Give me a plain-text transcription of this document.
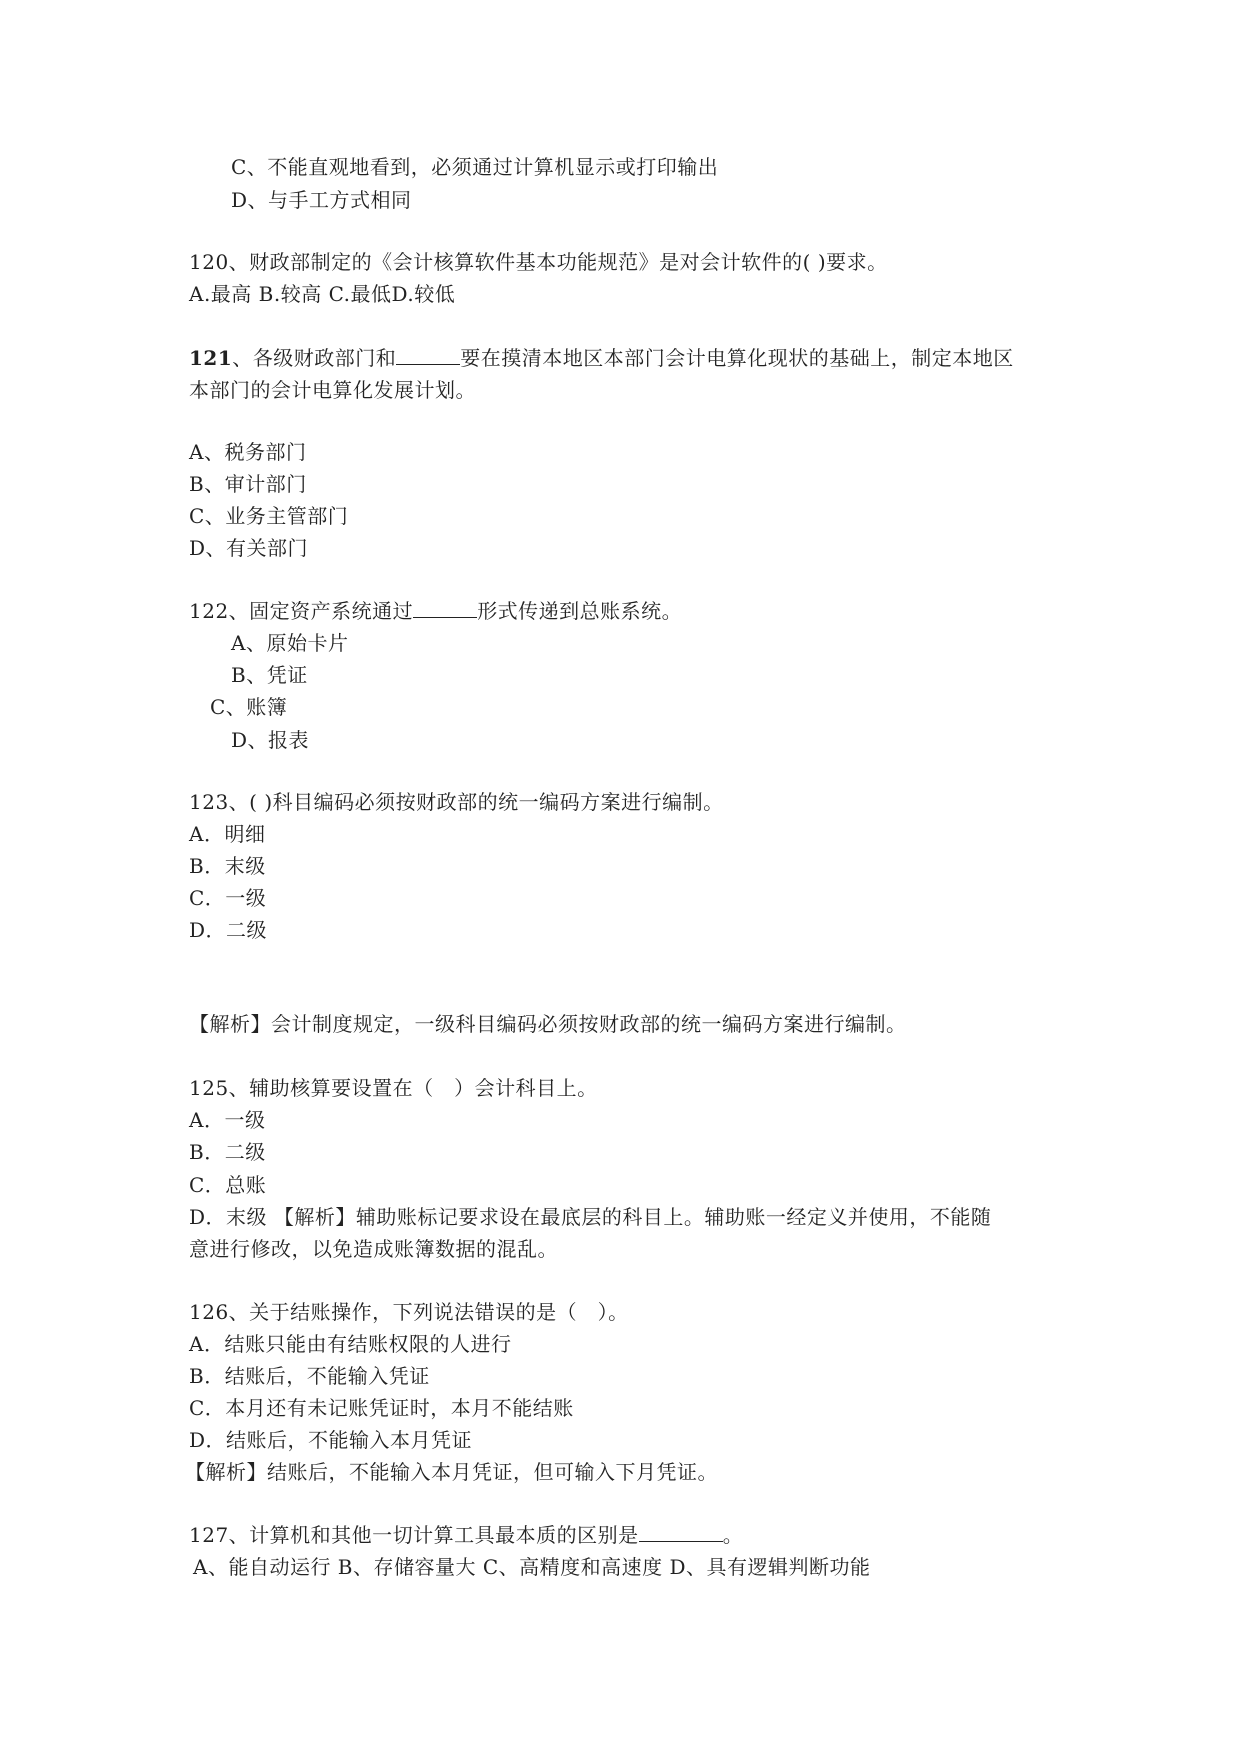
C、不能直观地看到，必须通过计算机显示或打印输出
D、与手工方式相同
120、财政部制定的《会计核算软件基本功能规范》是对会计软件的( )要求。
A.最高 B.较高 C.最低D.较低
121、各级财政部门和	要在摸清本地区本部门会计电算化现状的基础上，制定本地区
本部门的会计电算化发展计划。
A、税务部门
B、审计部门
C、业务主管部门
D、有关部门
122、固定资产系统通过	形式传递到总账系统。
A、原始卡片
B、凭证
C、账簿
D、报表
123、( )科目编码必须按财政部的统一编码方案进行编制。
A．明细
B．末级
C．一级
D．二级
【解析】会计制度规定，一级科目编码必须按财政部的统一编码方案进行编制。
125、辅助核算要设置在（　）会计科目上。
A．一级
B．二级
C．总账
D．末级 【解析】辅助账标记要求设在最底层的科目上。辅助账一经定义并使用，不能随
意进行修改，以免造成账簿数据的混乱。
126、关于结账操作，下列说法错误的是（　）。
A．结账只能由有结账权限的人进行
B．结账后，不能输入凭证
C．本月还有未记账凭证时，本月不能结账
D．结账后，不能输入本月凭证
【解析】结账后，不能输入本月凭证，但可输入下月凭证。
127、计算机和其他一切计算工具最本质的区别是	。
A、能自动运行 B、存储容量大 C、高精度和高速度 D、具有逻辑判断功能
